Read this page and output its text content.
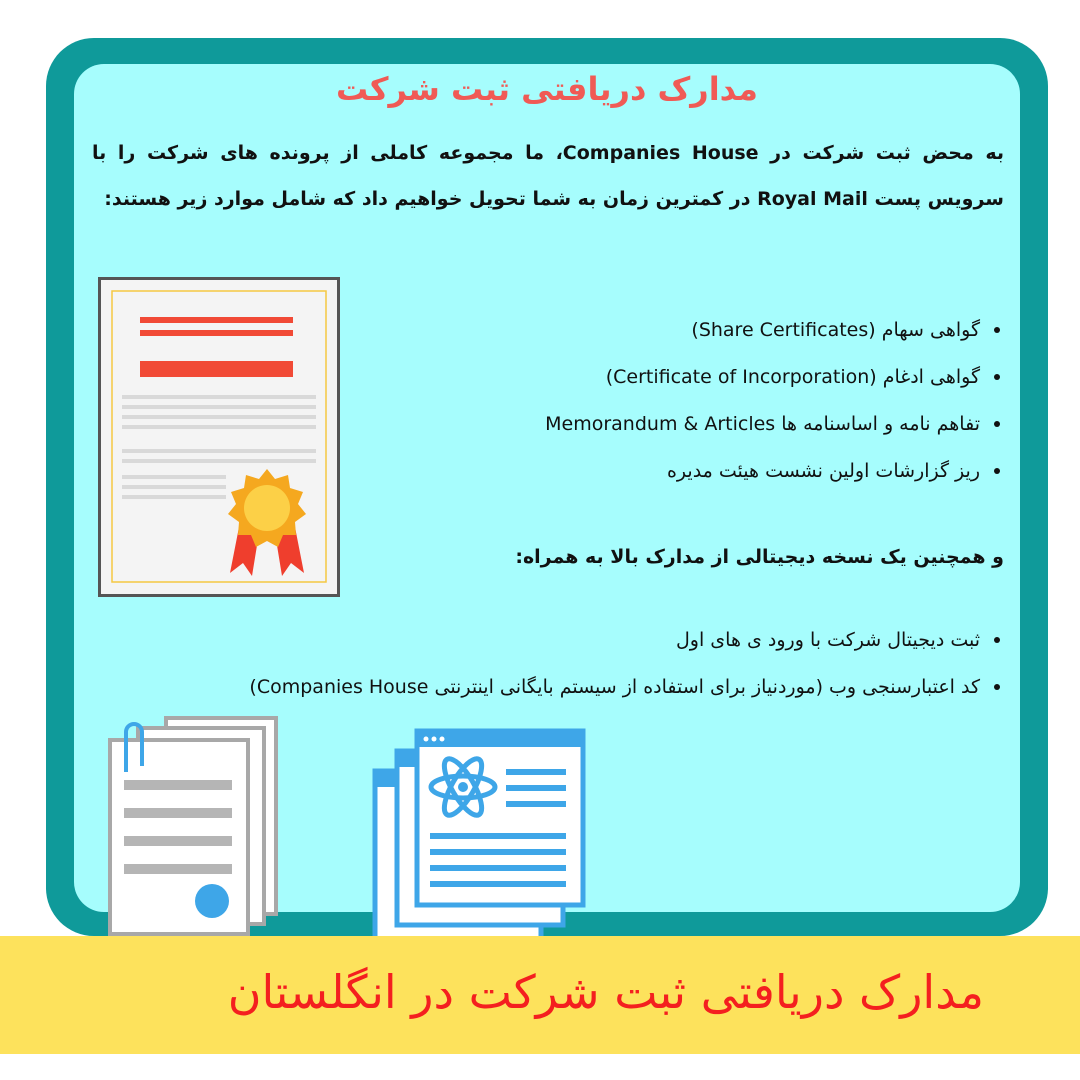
مدارک دریافتی ثبت شرکت
به محض ثبت شرکت در Companies House، ما مجموعه کاملی از پرونده های شرکت را با سرویس پست Royal Mail در کمترین زمان به شما تحویل خواهیم داد که شامل موارد زیر هستند:
گواهی سهام (Share Certificates)
گواهی ادغام (Certificate of Incorporation)
تفاهم نامه و اساسنامه ها Memorandum & Articles
ریز گزارشات اولین نشست هیئت مدیره
و همچنین یک نسخه دیجیتالی از مدارک بالا به همراه:
ثبت دیجیتال شرکت با ورود ی های اول
کد اعتبارسنجی وب (موردنیاز برای استفاده از سیستم بایگانی اینترنتی Companies House)
مدارک دریافتی ثبت شرکت در انگلستان
